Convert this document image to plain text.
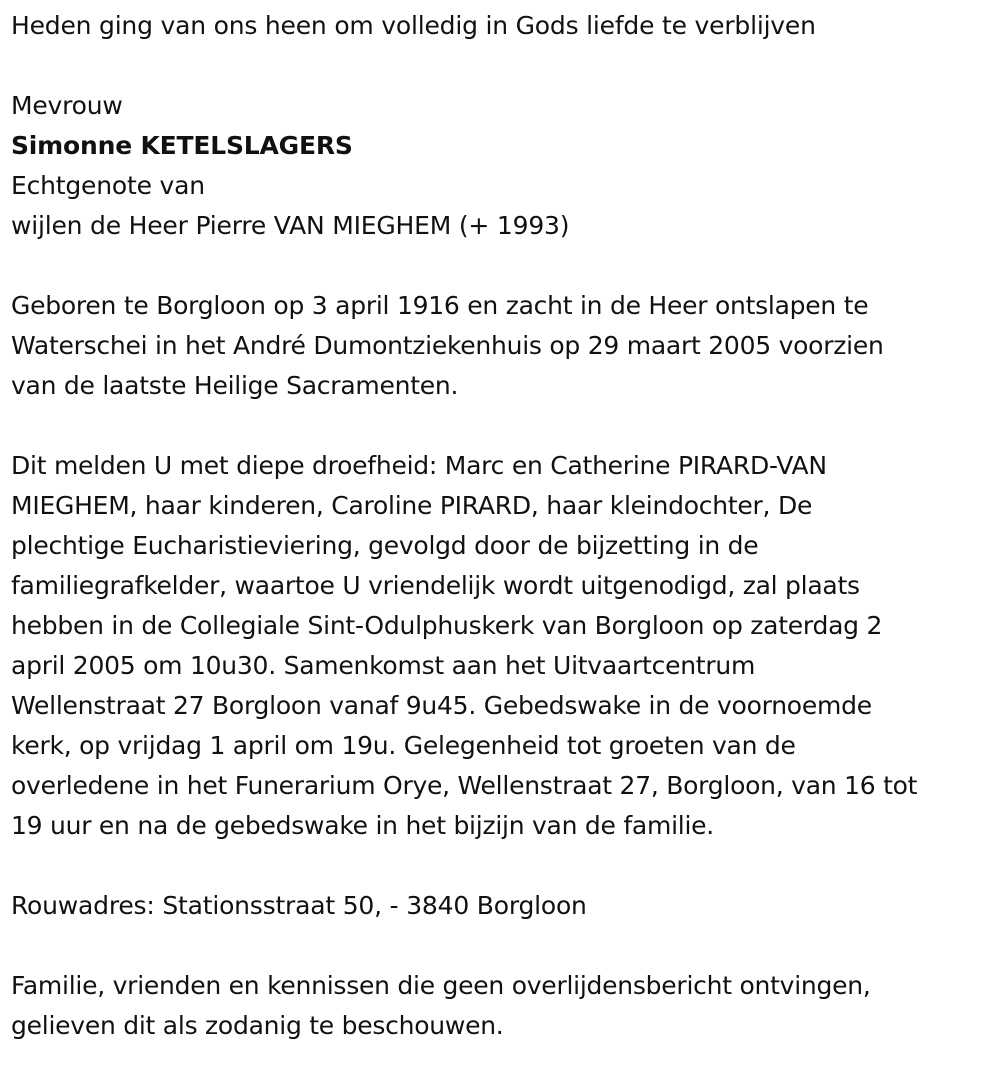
Heden ging van ons heen om volledig in Gods liefde te verblijven
Mevrouw
Simonne KETELSLAGERS
Echtgenote van
wijlen de Heer Pierre VAN MIEGHEM (+ 1993)
Geboren te Borgloon op 3 april 1916 en zacht in de Heer ontslapen te
Waterschei in het André Dumontziekenhuis op 29 maart 2005 voorzien
van de laatste Heilige Sacramenten.
Dit melden U met diepe droefheid: Marc en Catherine PIRARD-VAN
MIEGHEM, haar kinderen, Caroline PIRARD, haar kleindochter, De
plechtige Eucharistieviering, gevolgd door de bijzetting in de
familiegrafkelder, waartoe U vriendelijk wordt uitgenodigd, zal plaats
hebben in de Collegiale Sint-Odulphuskerk van Borgloon op zaterdag 2
april 2005 om 10u30. Samenkomst aan het Uitvaartcentrum
Wellenstraat 27 Borgloon vanaf 9u45. Gebedswake in de voornoemde
kerk, op vrijdag 1 april om 19u. Gelegenheid tot groeten van de
overledene in het Funerarium Orye, Wellenstraat 27, Borgloon, van 16 tot
19 uur en na de gebedswake in het bijzijn van de familie.
Rouwadres: Stationsstraat 50, - 3840 Borgloon
Familie, vrienden en kennissen die geen overlijdensbericht ontvingen,
gelieven dit als zodanig te beschouwen.
